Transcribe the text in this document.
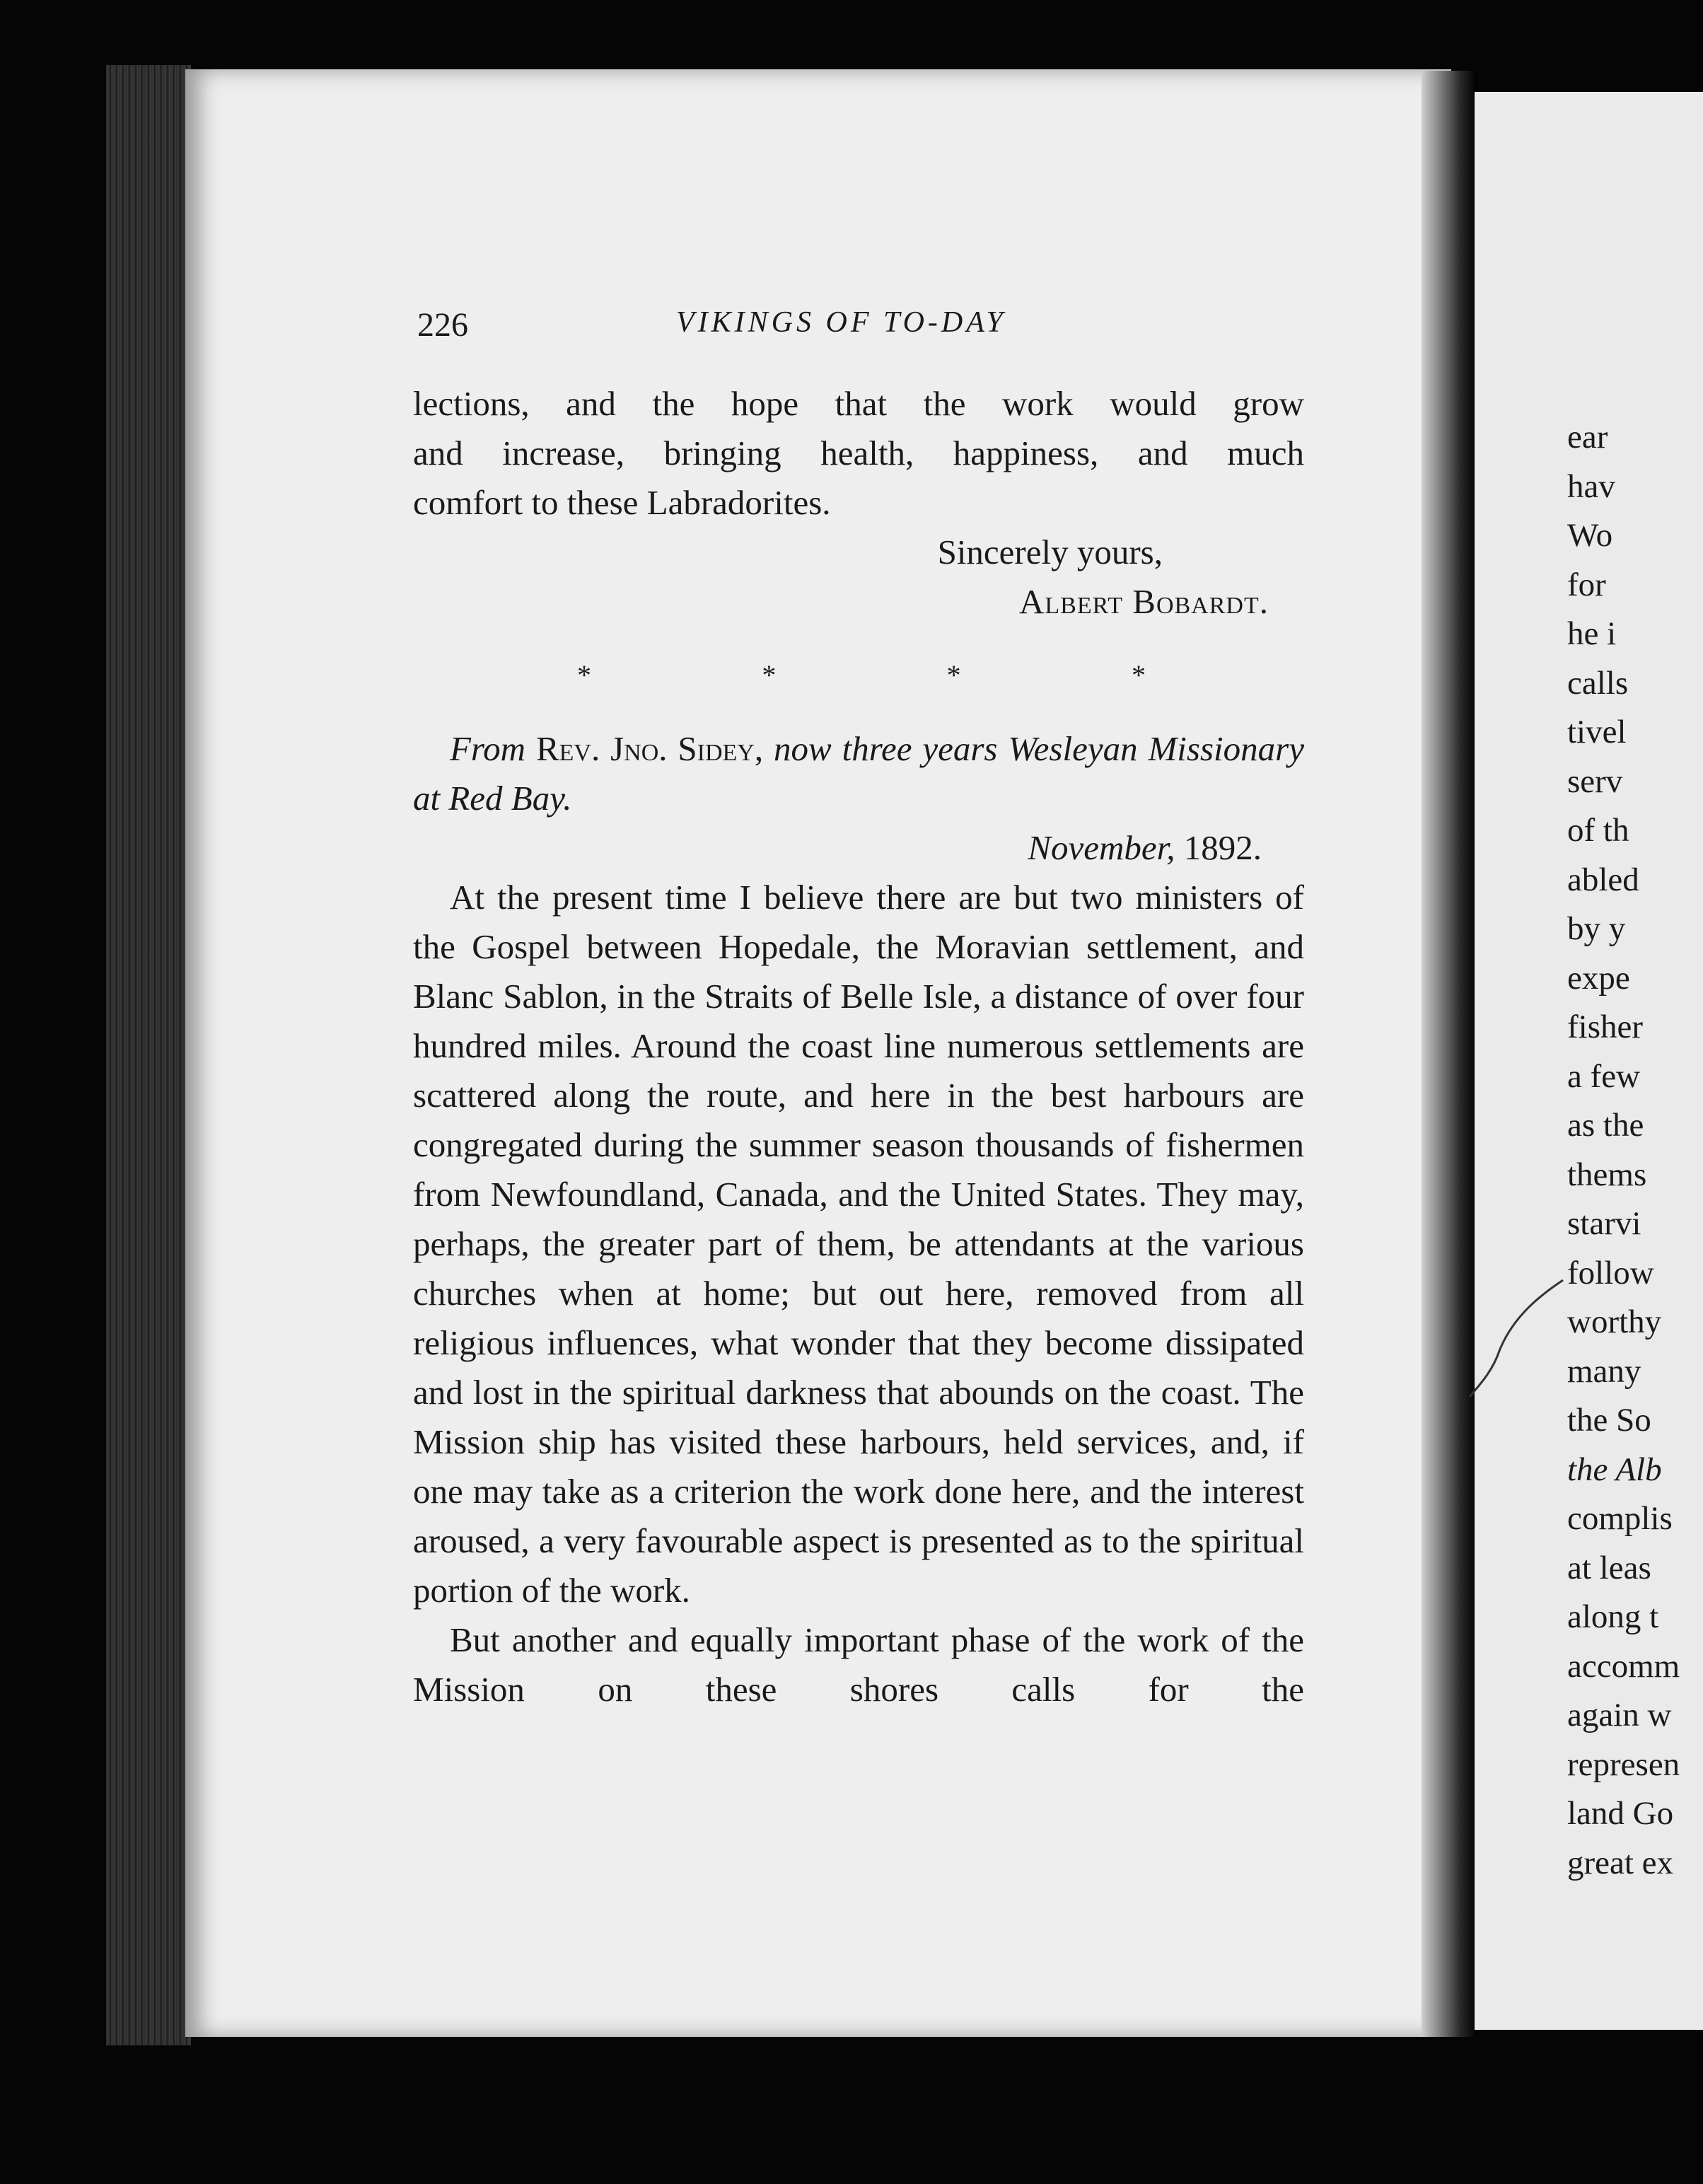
226	VIKINGS OF TO-DAY

lections, and the hope that the work would grow

and increase, bringing health, happiness, and much

comfort to these Labradorites.

Sincerely yours,

Albert Bobardt.

*	*	*	*

From Rev. Jno. Sidey, now three years Wesleyan Missionary at Red Bay.

November, 1892.

At the present time I believe there are but two ministers of the Gospel between Hopedale, the Moravian settlement, and Blanc Sablon, in the Straits of Belle Isle, a distance of over four hundred miles. Around the coast line numerous settlements are scattered along the route, and here in the best harbours are congregated during the summer season thousands of fishermen from Newfoundland, Canada, and the United States. They may, perhaps, the greater part of them, be attendants at the various churches when at home; but out here, removed from all religious influences, what wonder that they become dissipated and lost in the spiritual darkness that abounds on the coast. The Mission ship has visited these harbours, held services, and, if one may take as a criterion the work done here, and the interest aroused, a very favourable aspect is presented as to the spiritual portion of the work.

But another and equally important phase of the work of the Mission on these shores calls for the

ear
hav
Wo
for
he i
calls
tivel
serv
of th
abled
by y
expe
fisher
a few
as the
thems
starvi
follow
worthy
many
the So
the Alb
complis
at leas
along t
accomm
again w
represen
land Go
great ex
